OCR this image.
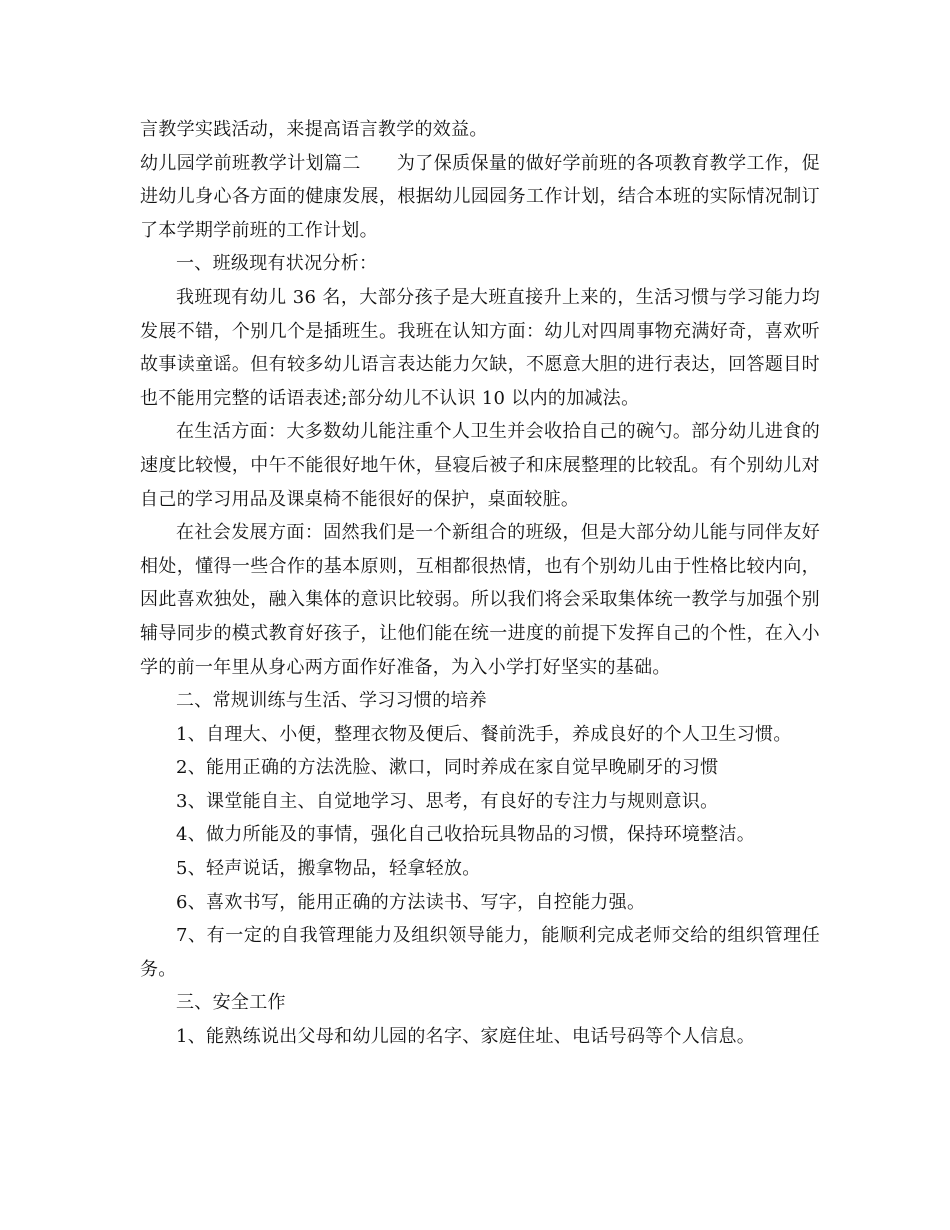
言教学实践活动，来提高语言教学的效益。

幼儿园学前班教学计划篇二 为了保质保量的做好学前班的各项教育教学工作，促进幼儿身心各方面的健康发展，根据幼儿园园务工作计划，结合本班的实际情况制订了本学期学前班的工作计划。

一、班级现有状况分析：

我班现有幼儿 36 名，大部分孩子是大班直接升上来的，生活习惯与学习能力均发展不错，个别几个是插班生。我班在认知方面：幼儿对四周事物充满好奇，喜欢听故事读童谣。但有较多幼儿语言表达能力欠缺，不愿意大胆的进行表达，回答题目时也不能用完整的话语表述;部分幼儿不认识 10 以内的加减法。

在生活方面：大多数幼儿能注重个人卫生并会收拾自己的碗勺。部分幼儿进食的速度比较慢，中午不能很好地午休，昼寝后被子和床展整理的比较乱。有个别幼儿对自己的学习用品及课桌椅不能很好的保护，桌面较脏。

在社会发展方面：固然我们是一个新组合的班级，但是大部分幼儿能与同伴友好相处，懂得一些合作的基本原则，互相都很热情，也有个别幼儿由于性格比较内向，因此喜欢独处，融入集体的意识比较弱。所以我们将会采取集体统一教学与加强个别辅导同步的模式教育好孩子，让他们能在统一进度的前提下发挥自己的个性，在入小学的前一年里从身心两方面作好准备，为入小学打好坚实的基础。

二、常规训练与生活、学习习惯的培养

1、自理大、小便，整理衣物及便后、餐前洗手，养成良好的个人卫生习惯。

2、能用正确的方法洗脸、漱口，同时养成在家自觉早晚刷牙的习惯

3、课堂能自主、自觉地学习、思考，有良好的专注力与规则意识。

4、做力所能及的事情，强化自己收拾玩具物品的习惯，保持环境整洁。

5、轻声说话，搬拿物品，轻拿轻放。

6、喜欢书写，能用正确的方法读书、写字，自控能力强。

7、有一定的自我管理能力及组织领导能力，能顺利完成老师交给的组织管理任务。

三、安全工作

1、能熟练说出父母和幼儿园的名字、家庭住址、电话号码等个人信息。
